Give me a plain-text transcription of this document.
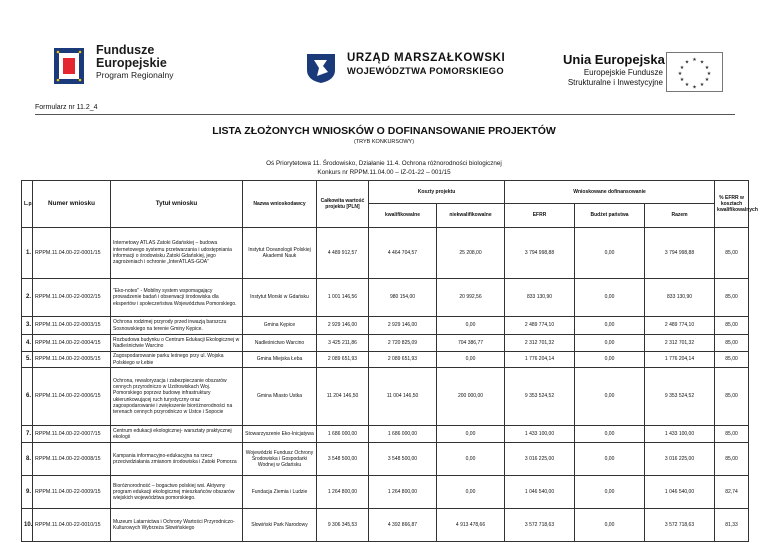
Fundusze
Europejskie
Program Regionalny
URZĄD MARSZAŁKOWSKI
WOJEWÓDZTWA POMORSKIEGO
Unia Europejska
Europejskie Fundusze
Strukturalne i Inwestycyjne
★ ★
★
★
★
★
★
★
★
★
★
★
Formularz nr 11.2_4
LISTA ZŁOŻONYCH WNIOSKÓW O DOFINANSOWANIE PROJEKTÓW
(TRYB KONKURSOWY)
Oś Priorytetowa 11. Środowisko, Działanie 11.4. Ochrona różnorodności biologicznej
Konkurs nr RPPM.11.04.00 – IZ-01-22 – 001/15
L.p.	Numer wniosku	Tytuł wniosku	Nazwa wnioskodawcy	Całkowita wartość projektu [PLN]	Koszty projektu		Wnioskowane dofinansowanie			% EFRR w kosztach kwalifikowalnych
					kwalifikowalne	niekwalifikowalne	EFRR	Budżet państwa	Razem	
1.	RPPM.11.04.00-22-0001/15	Internetowy ATLAS Zatoki Gdańskiej – budowa internetowego systemu przetwarzania i udostępniania informacji o środowisku Zatoki Gdańskiej, jego zagrożeniach i ochronie „InterATLAS-GOA”	Instytut Oceanologii Polskiej Akademii Nauk	4 489 912,57	4 464 704,57	25 208,00	3 794 998,88	0,00	3 794 998,88	85,00
2.	RPPM.11.04.00-22-0002/15	"Eko-notes" - Mobilny system wspomagający prowadzenie badań i obserwacji środowiska dla ekspertów i społeczeństwa Województwa Pomorskiego.	Instytut Morski w Gdańsku	1 001 146,56	980 154,00	20 992,56	833 130,90	0,00	833 130,90	85,00
3.	RPPM.11.04.00-22-0003/15	Ochrona rodzimej przyrody przed inwazją barszczu Sosnowskiego na terenie Gminy Kępice.	Gmina Kępice	2 929 146,00	2 929 146,00	0,00	2 489 774,10	0,00	2 489 774,10	85,00
4.	RPPM.11.04.00-22-0004/15	Rozbudowa budynku o Centrum Edukacji Ekologicznej w Nadleśnictwie Warcino	Nadleśnictwo Warcino	3 425 211,86	2 720 825,09	704 386,77	2 312 701,32	0,00	2 312 701,32	85,00
5.	RPPM.11.04.00-22-0005/15	Zagospodarowanie parku leśnego przy ul. Wojska Polskiego w Łebie	Gmina Miejska Łeba	2 089 651,93	2 089 651,93	0,00	1 776 204,14	0,00	1 776 204,14	85,00
6.	RPPM.11.04.00-22-0006/15	Ochrona, rewaloryzacja i zabezpieczanie obszarów cennych przyrodniczo w Uzdrowiskach Woj. Pomorskiego poprzez budowę infrastruktury ukierunkowującej ruch turystyczny oraz zagospodarowanie i zwiększenie bioróżnorodności na terenach cennych przyrodniczo w Ustce i Sopocie	Gmina Miasto Ustka	11 204 146,50	11 004 146,50	200 000,00	9 353 524,52	0,00	9 353 524,52	85,00
7.	RPPM.11.04.00-22-0007/15	Centrum edukacji ekologicznej- warsztaty praktycznej ekologii	Stowarzyszenie Eko-Inicjatywa	1 686 000,00	1 686 000,00	0,00	1 433 100,00	0,00	1 433 100,00	85,00
8.	RPPM.11.04.00-22-0008/15	Kampania informacyjno-edukacyjna na rzecz przeciwdziałania zmianom środowiska i Zatoki Pomorza	Wojewódzki Fundusz Ochrony Środowiska i Gospodarki Wodnej w Gdańsku	3 548 500,00	3 548 500,00	0,00	3 016 225,00	0,00	3 016 225,00	85,00
9.	RPPM.11.04.00-22-0009/15	Bioróżnorodność – bogactwo polskiej wsi. Aktywny program edukacji ekologicznej mieszkańców obszarów wiejskich województwa pomorskiego.	Fundacja Ziemia i Ludzie	1 264 800,00	1 264 800,00	0,00	1 046 540,00	0,00	1 046 540,00	82,74
10.	RPPM.11.04.00-22-0010/15	Muzeum Latarnictwa i Ochrony Wartości Przyrodniczo-Kulturowych Wybrzeża Słowińskiego	Słowiński Park Narodowy	9 306 345,53	4 392 866,87	4 913 478,66	3 572 718,63	0,00	3 572 718,63	81,33
